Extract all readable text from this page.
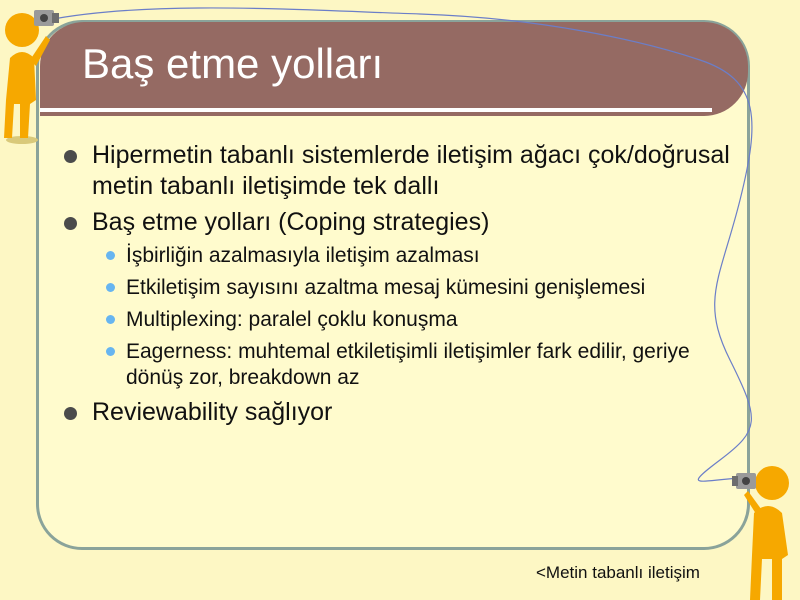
Baş etme yolları
Hipermetin tabanlı sistemlerde iletişim ağacı çok/doğrusal metin tabanlı iletişimde tek dallı
Baş etme yolları (Coping strategies)
İşbirliğin azalmasıyla iletişim azalması
Etkiletişim sayısını azaltma mesaj kümesini genişlemesi
Multiplexing: paralel çoklu konuşma
Eagerness: muhtemal etkiletişimli iletişimler fark edilir, geriye dönüş zor, breakdown az
Reviewability sağlıyor
<Metin tabanlı iletişim
